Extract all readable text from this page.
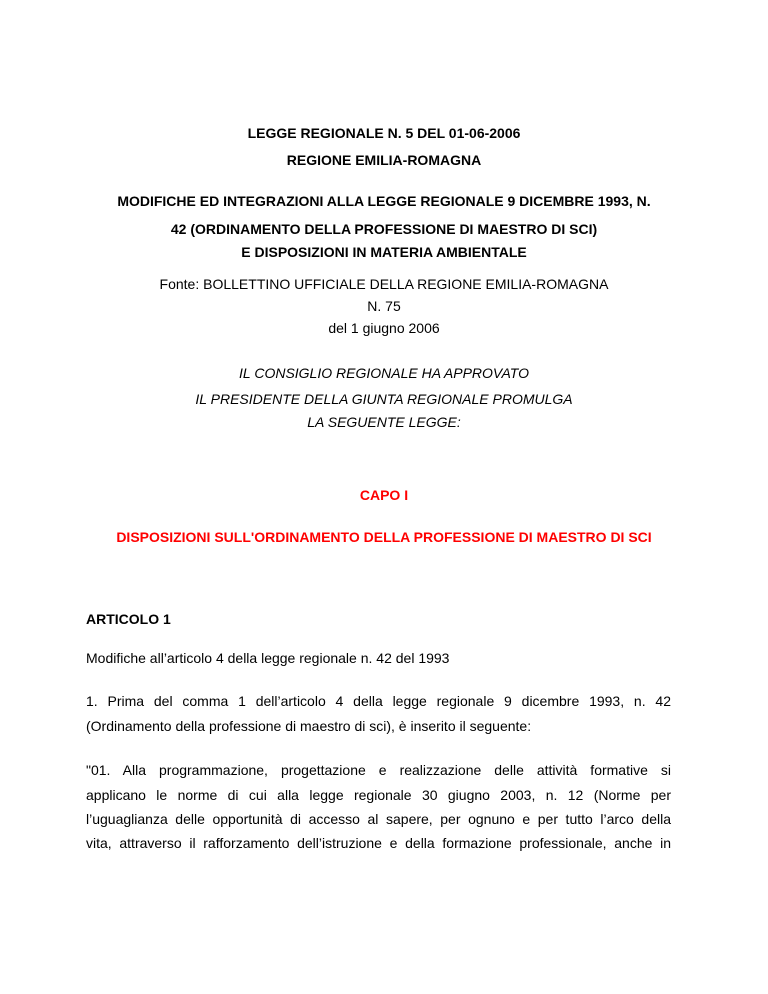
LEGGE REGIONALE N. 5 DEL 01-06-2006
REGIONE EMILIA-ROMAGNA
MODIFICHE ED INTEGRAZIONI ALLA LEGGE REGIONALE 9 DICEMBRE 1993, N.
42 (ORDINAMENTO DELLA PROFESSIONE DI MAESTRO DI SCI)
E DISPOSIZIONI IN MATERIA AMBIENTALE
Fonte: BOLLETTINO UFFICIALE DELLA REGIONE EMILIA-ROMAGNA
N. 75
del 1 giugno 2006
IL CONSIGLIO REGIONALE HA APPROVATO
IL PRESIDENTE DELLA GIUNTA REGIONALE PROMULGA
LA SEGUENTE LEGGE:
CAPO I
DISPOSIZIONI SULL'ORDINAMENTO DELLA PROFESSIONE DI MAESTRO DI SCI
ARTICOLO 1
Modifiche all’articolo 4 della legge regionale n. 42 del 1993
1. Prima del comma 1 dell’articolo 4 della legge regionale 9 dicembre 1993, n. 42
(Ordinamento della professione di maestro di sci), è inserito il seguente:
"01. Alla programmazione, progettazione e realizzazione delle attività formative si
applicano le norme di cui alla legge regionale 30 giugno 2003, n. 12 (Norme per
l’uguaglianza delle opportunità di accesso al sapere, per ognuno e per tutto l’arco della
vita, attraverso il rafforzamento dell’istruzione e della formazione professionale, anche in
